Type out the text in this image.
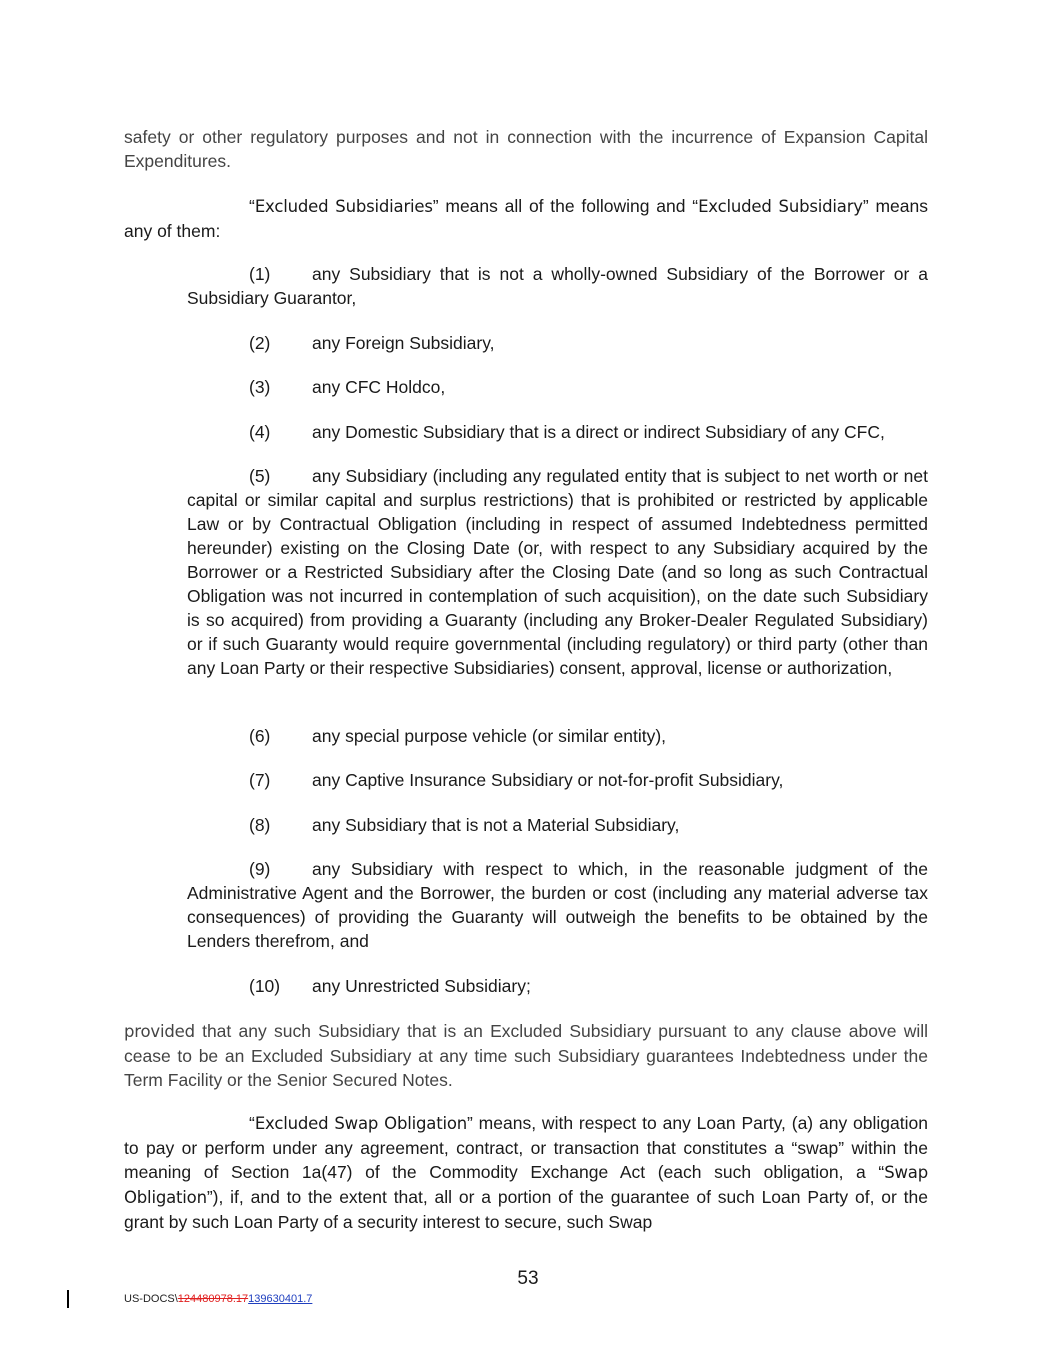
safety or other regulatory purposes and not in connection with the incurrence of Expansion Capital Expenditures.

“Excluded Subsidiaries” means all of the following and “Excluded Subsidiary” means any of them:

(1) any Subsidiary that is not a wholly-owned Subsidiary of the Borrower or a Subsidiary Guarantor,

(2) any Foreign Subsidiary,

(3) any CFC Holdco,

(4) any Domestic Subsidiary that is a direct or indirect Subsidiary of any CFC,

(5) any Subsidiary (including any regulated entity that is subject to net worth or net capital or similar capital and surplus restrictions) that is prohibited or restricted by applicable Law or by Contractual Obligation (including in respect of assumed Indebtedness permitted hereunder) existing on the Closing Date (or, with respect to any Subsidiary acquired by the Borrower or a Restricted Subsidiary after the Closing Date (and so long as such Contractual Obligation was not incurred in contemplation of such acquisition), on the date such Subsidiary is so acquired) from providing a Guaranty (including any Broker-Dealer Regulated Subsidiary) or if such Guaranty would require governmental (including regulatory) or third party (other than any Loan Party or their respective Subsidiaries) consent, approval, license or authorization,

(6) any special purpose vehicle (or similar entity),

(7) any Captive Insurance Subsidiary or not-for-profit Subsidiary,

(8) any Subsidiary that is not a Material Subsidiary,

(9) any Subsidiary with respect to which, in the reasonable judgment of the Administrative Agent and the Borrower, the burden or cost (including any material adverse tax consequences) of providing the Guaranty will outweigh the benefits to be obtained by the Lenders therefrom, and

(10) any Unrestricted Subsidiary;

provided that any such Subsidiary that is an Excluded Subsidiary pursuant to any clause above will cease to be an Excluded Subsidiary at any time such Subsidiary guarantees Indebtedness under the Term Facility or the Senior Secured Notes.

“Excluded Swap Obligation” means, with respect to any Loan Party, (a) any obligation to pay or perform under any agreement, contract, or transaction that constitutes a “swap” within the meaning of Section 1a(47) of the Commodity Exchange Act (each such obligation, a “Swap Obligation”), if, and to the extent that, all or a portion of the guarantee of such Loan Party of, or the grant by such Loan Party of a security interest to secure, such Swap

53
US-DOCS\124480978.17139630401.7
